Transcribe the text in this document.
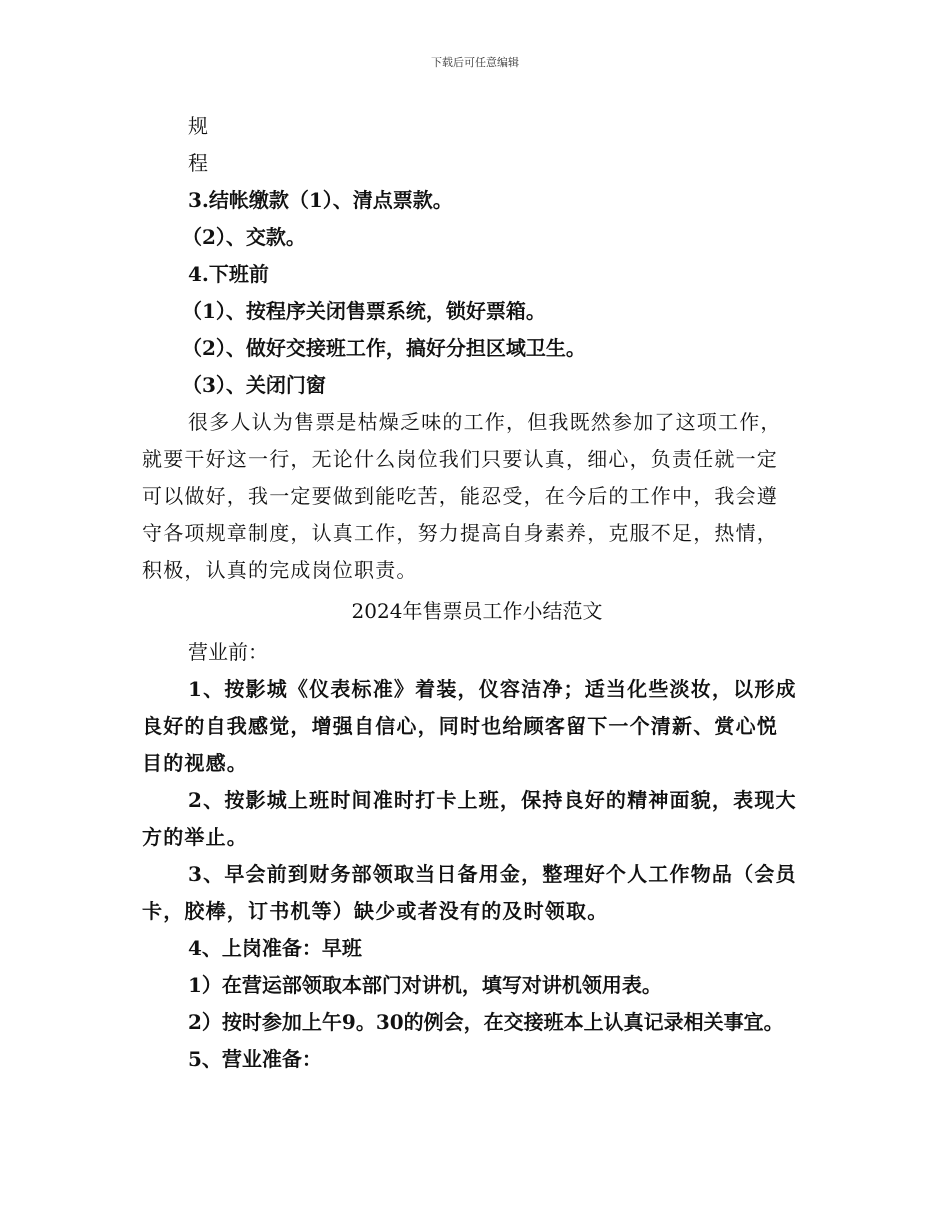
下载后可任意编辑
规
程
3.结帐缴款（1）、清点票款。
（2）、交款。
4.下班前
（1）、按程序关闭售票系统，锁好票箱。
（2）、做好交接班工作，搞好分担区域卫生。
（3）、关闭门窗
很多人认为售票是枯燥乏味的工作，但我既然参加了这项工作，
就要干好这一行，无论什么岗位我们只要认真，细心，负责任就一定
可以做好，我一定要做到能吃苦，能忍受，在今后的工作中，我会遵
守各项规章制度，认真工作，努力提高自身素养，克服不足，热情，
积极，认真的完成岗位职责。
2024年售票员工作小结范文
营业前：
1、按影城《仪表标准》着装，仪容洁净；适当化些淡妆，以形成
良好的自我感觉，增强自信心，同时也给顾客留下一个清新、赏心悦
目的视感。
2、按影城上班时间准时打卡上班，保持良好的精神面貌，表现大
方的举止。
3、早会前到财务部领取当日备用金，整理好个人工作物品（会员
卡，胶棒，订书机等）缺少或者没有的及时领取。
4、上岗准备：早班
1）在营运部领取本部门对讲机，填写对讲机领用表。
2）按时参加上午9。30的例会，在交接班本上认真记录相关事宜。
5、营业准备：
